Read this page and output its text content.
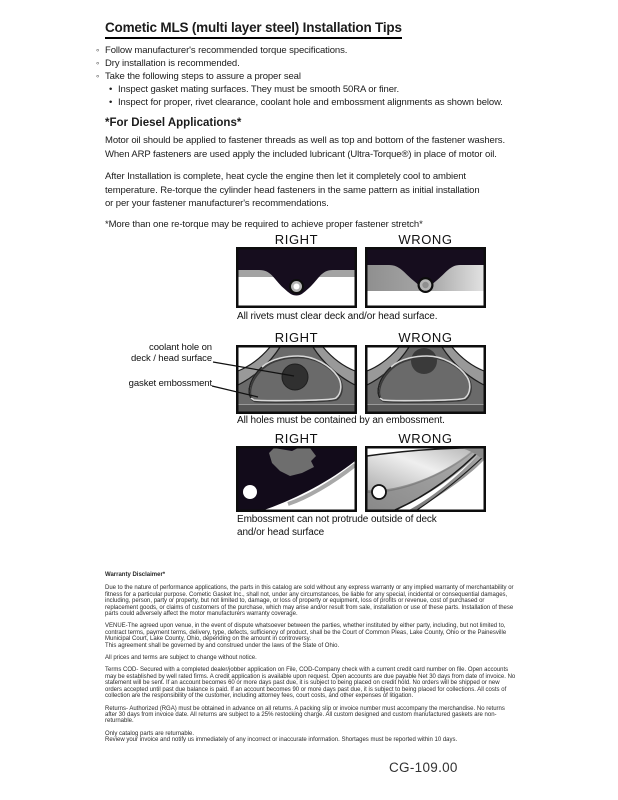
Cometic MLS (multi layer steel) Installation Tips
◦ Follow manufacturer's recommended torque specifications.
◦ Dry installation is recommended.
◦ Take the following steps to assure a proper seal
• Inspect gasket mating surfaces. They must be smooth 50RA or finer.
• Inspect for proper, rivet clearance, coolant hole and embossment alignments as shown below.
*For Diesel Applications*
Motor oil should be applied to fastener threads as well as top and bottom of the fastener washers.
When ARP fasteners are used apply the included lubricant (Ultra-Torque®) in place of motor oil.
After Installation is complete, heat cycle the engine then let it completely cool to ambient
temperature. Re-torque the cylinder head fasteners in the same pattern as initial installation
or per your fastener manufacturer's recommendations.
*More than one re-torque may be required to achieve proper fastener stretch*
RIGHT	WRONG
All rivets must clear deck and/or head surface.
RIGHT	WRONG
All holes must be contained by an embossment.
coolant hole on
deck / head surface
gasket embossment
RIGHT	WRONG
Embossment can not protrude outside of deck
and/or head surface
Warranty Disclaimer*

Due to the nature of performance applications, the parts in this catalog are sold without any express warranty or any implied warranty of merchantability or fitness for a particular purpose. Cometic Gasket Inc., shall not, under any circumstances, be liable for any special, incidental or consequential damages, including, person, party or property, but not limited to, damage, or loss of property or equipment, loss of profits or revenue, cost of purchased or replacement goods, or claims of customers of the purchase, which may arise and/or result from sale, installation or use of these parts. Installation of these parts could adversely affect the motor manufacturers warranty coverage.

VENUE-The agreed upon venue, in the event of dispute whatsoever between the parties, whether instituted by either party, including, but not limited to, contract terms, payment terms, delivery, type, defects, sufficiency of product, shall be the Court of Common Pleas, Lake County, Ohio or the Painesville Municipal Court, Lake County, Ohio, depending on the amount in controversy.

This agreement shall be governed by and construed under the laws of the State of Ohio.

All prices and terms are subject to change without notice.

Terms COD- Secured with a completed dealer/jobber application on File, COD-Company check with a current credit card number on file. Open accounts may be established by well rated firms. A credit application is available upon request. Open accounts are due payable Net 30 days from date of invoice. No statement will be sent. If an account becomes 60 or more days past due, it is subject to being placed on credit hold. No orders will be shipped or new orders accepted until past due balance is paid. If an account becomes 90 or more days past due, it is subject to being placed for collections. All costs of collection are the responsibility of the customer, including attorney fees, court costs, and other expenses of litigation.

Returns- Authorized (RGA) must be obtained in advance on all returns. A packing slip or invoice number must accompany the merchandise. No returns after 30 days from invoice date. All returns are subject to a 25% restocking charge. All custom designed and custom manufactured gaskets are non-returnable.

Only catalog parts are returnable.

Review your invoice and notify us immediately of any incorrect or inaccurate information. Shortages must be reported within 10 days.

CG-109.00
